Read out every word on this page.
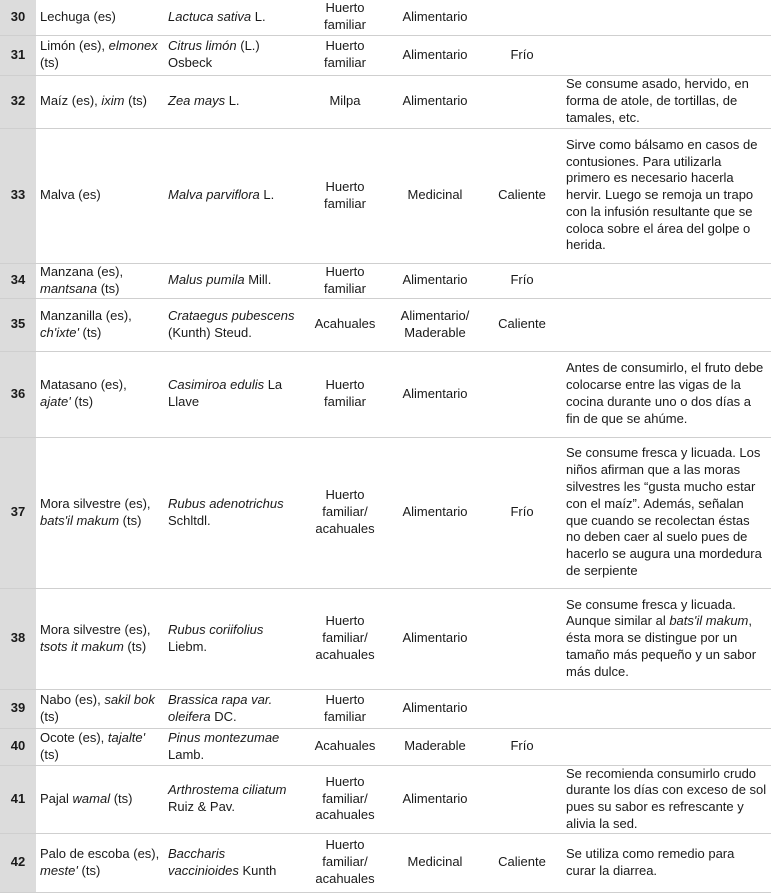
30	Lechuga (es)	Lactuca sativa L.	Huerto familiar	Alimentario		
31	Limón (es), elmonex (ts)	Citrus limón (L.) Osbeck	Huerto familiar	Alimentario	Frío	
32	Maíz (es), ixim (ts)	Zea mays L.	Milpa	Alimentario		Se consume asado, hervido, en forma de atole, de tortillas, de tamales, etc.
33	Malva (es)	Malva parviflora L.	Huerto familiar	Medicinal	Caliente	Sirve como bálsamo en casos de contusiones. Para utilizarla primero es necesario hacerla hervir. Luego se remoja un trapo con la infusión resultante que se coloca sobre el área del golpe o herida.
34	Manzana (es), mantsana (ts)	Malus pumila Mill.	Huerto familiar	Alimentario	Frío	
35	Manzanilla (es), ch'ixte' (ts)	Crataegus pubescens (Kunth) Steud.	Acahuales	Alimentario/ Maderable	Caliente	
36	Matasano (es), ajate' (ts)	Casimiroa edulis La Llave	Huerto familiar	Alimentario		Antes de consumirlo, el fruto debe colocarse entre las vigas de la cocina durante uno o dos días a fin de que se ahúme.
37	Mora silvestre (es), bats'il makum (ts)	Rubus adenotrichus Schltdl.	Huerto familiar/ acahuales	Alimentario	Frío	Se consume fresca y licuada. Los niños afirman que a las moras silvestres les “gusta mucho estar con el maíz”. Además, señalan que cuando se recolectan éstas no deben caer al suelo pues de hacerlo se augura una mordedura de serpiente
38	Mora silvestre (es), tsots it makum (ts)	Rubus coriifolius Liebm.	Huerto familiar/ acahuales	Alimentario		Se consume fresca y licuada. Aunque similar al bats'il makum, ésta mora se distingue por un tamaño más pequeño y un sabor más dulce.
39	Nabo (es), sakil bok (ts)	Brassica rapa var. oleifera DC.	Huerto familiar	Alimentario		
40	Ocote (es), tajalte' (ts)	Pinus montezumae Lamb.	Acahuales	Maderable	Frío	
41	Pajal wamal (ts)	Arthrostema ciliatum Ruiz & Pav.	Huerto familiar/ acahuales	Alimentario		Se recomienda consumirlo crudo durante los días con exceso de sol pues su sabor es refrescante y alivia la sed.
42	Palo de escoba (es), meste' (ts)	Baccharis vaccinioides Kunth	Huerto familiar/ acahuales	Medicinal	Caliente	Se utiliza como remedio para curar la diarrea.
